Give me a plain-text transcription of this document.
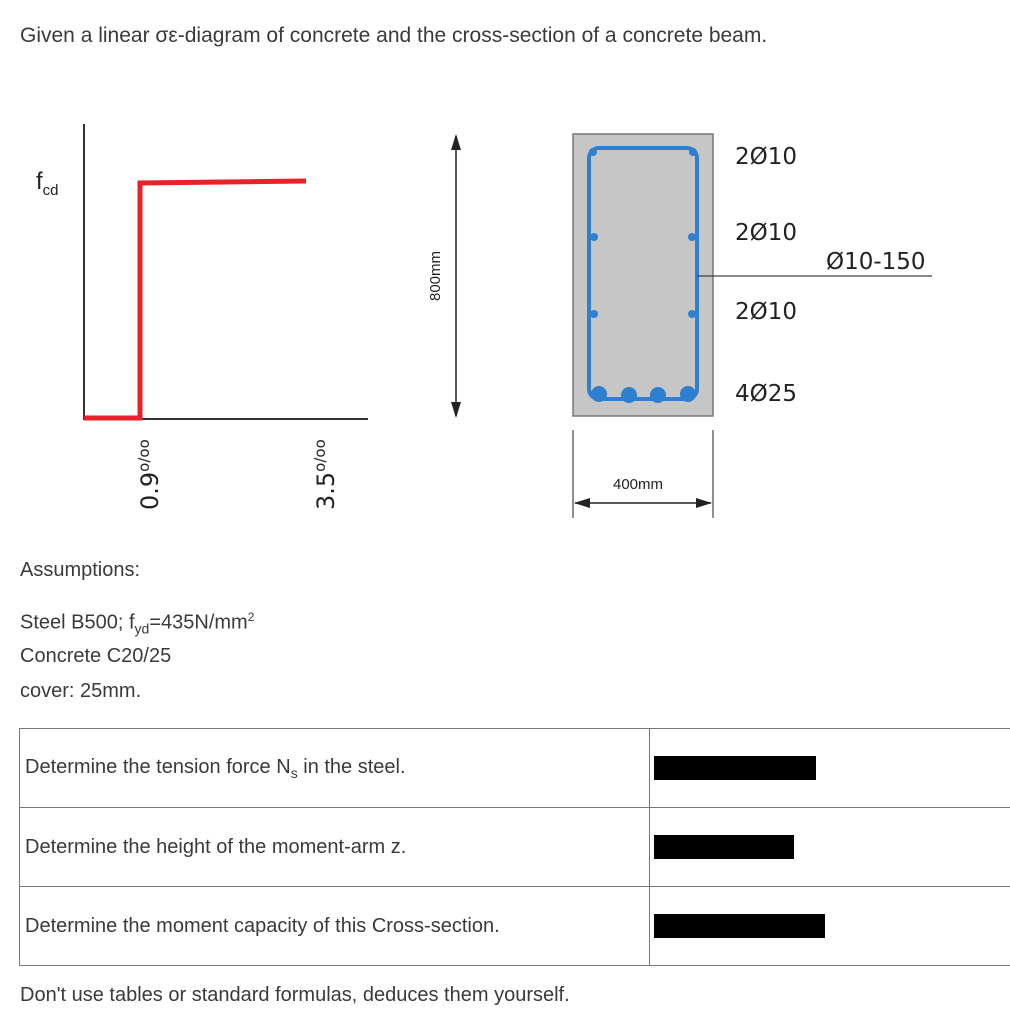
Given a linear σε-diagram of concrete and the cross-section of a concrete beam.
$f_{cd}$
$0.9^{o/oo}$
$3.5^{o/oo}$
800mm
400mm
2Ø10
2Ø10
2Ø10
4Ø25
Ø10-150
Assumptions:
Steel B500; $f_{yd}=435N/mm^2$
Concrete C20/25
cover: 25mm.
Determine the tension force $N_s$ in the steel.	

Determine the height of the moment-arm z.	

Determine the moment capacity of this Cross-section.	
Don't use tables or standard formulas, deduces them yourself.
